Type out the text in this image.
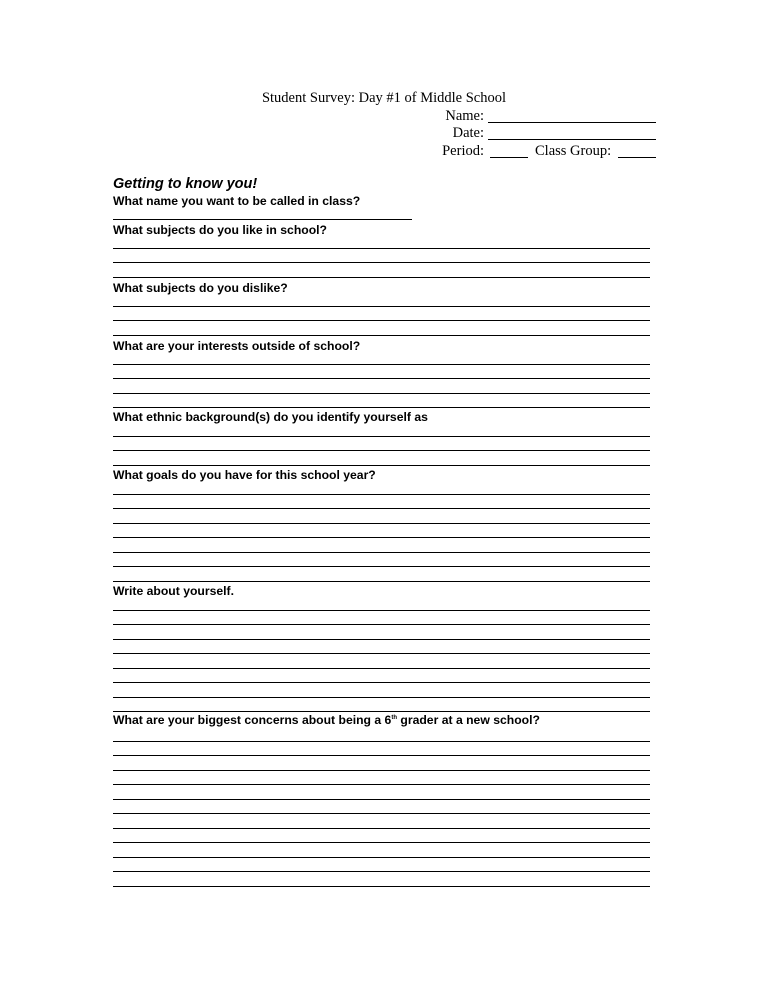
Student Survey: Day #1 of Middle School
Name:
Date:
Period:	Class Group:
Getting to know you!
What name you want to be called in class?
What subjects do you like in school?
What subjects do you dislike?
What are your interests outside of school?
What ethnic background(s) do you identify yourself as
What goals do you have for this school year?
Write about yourself.
What are your biggest concerns about being a 6th grader at a new school?
